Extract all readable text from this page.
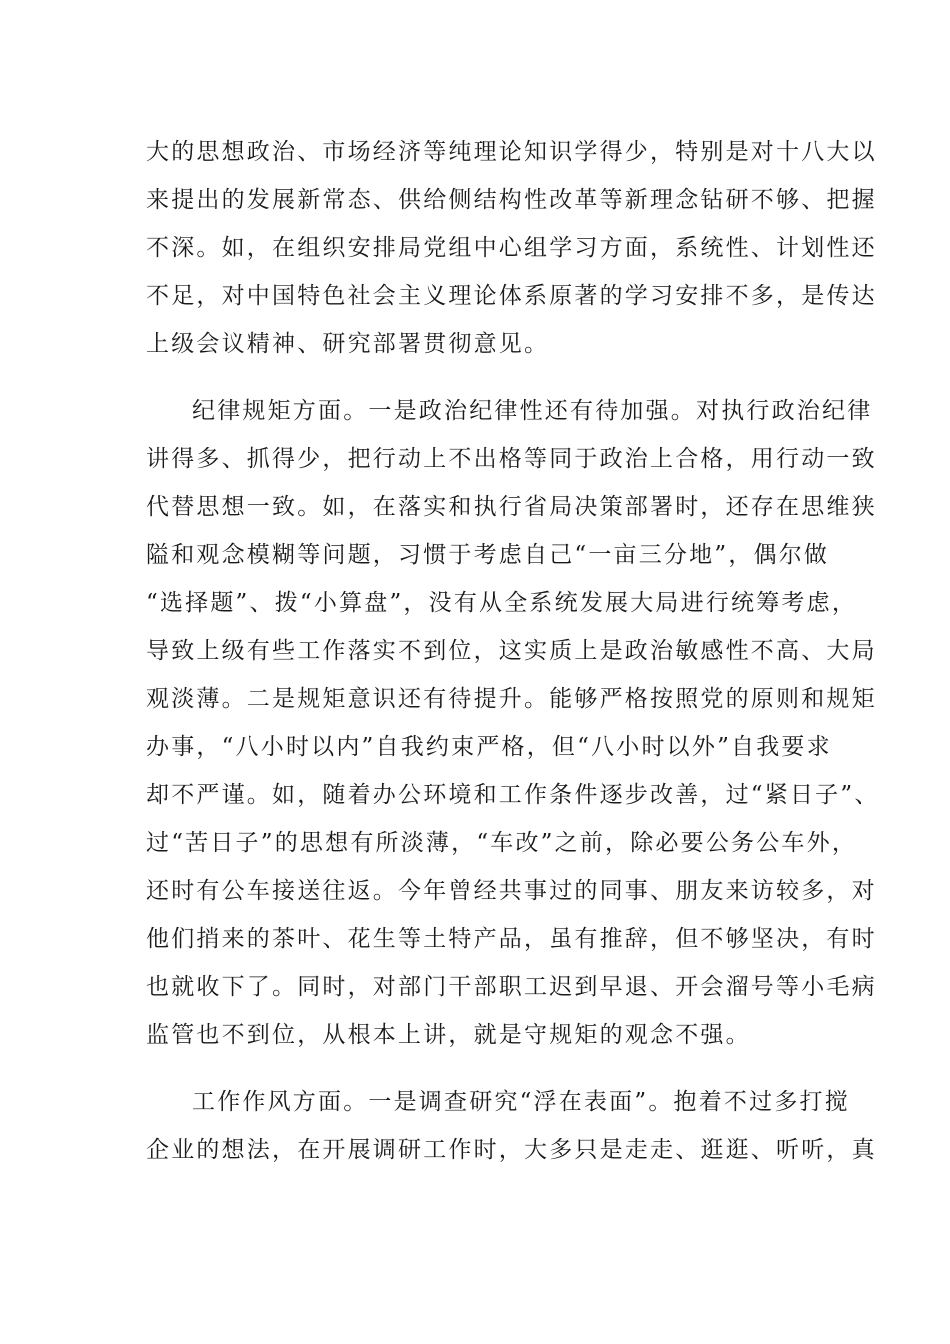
大的思想政治、市场经济等纯理论知识学得少，特别是对十八大以
来提出的发展新常态、供给侧结构性改革等新理念钻研不够、把握
不深。如，在组织安排局党组中心组学习方面，系统性、计划性还
不足，对中国特色社会主义理论体系原著的学习安排不多，是传达
上级会议精神、研究部署贯彻意见。
纪律规矩方面。一是政治纪律性还有待加强。对执行政治纪律
讲得多、抓得少，把行动上不出格等同于政治上合格，用行动一致
代替思想一致。如，在落实和执行省局决策部署时，还存在思维狭
隘和观念模糊等问题，习惯于考虑自己“一亩三分地”，偶尔做
“选择题”、拨“小算盘”，没有从全系统发展大局进行统筹考虑，
导致上级有些工作落实不到位，这实质上是政治敏感性不高、大局
观淡薄。二是规矩意识还有待提升。能够严格按照党的原则和规矩
办事，“八小时以内”自我约束严格，但“八小时以外”自我要求
却不严谨。如，随着办公环境和工作条件逐步改善，过“紧日子”、
过“苦日子”的思想有所淡薄，“车改”之前，除必要公务公车外，
还时有公车接送往返。今年曾经共事过的同事、朋友来访较多，对
他们捎来的茶叶、花生等土特产品，虽有推辞，但不够坚决，有时
也就收下了。同时，对部门干部职工迟到早退、开会溜号等小毛病
监管也不到位，从根本上讲，就是守规矩的观念不强。
工作作风方面。一是调查研究“浮在表面”。抱着不过多打搅
企业的想法，在开展调研工作时，大多只是走走、逛逛、听听，真
